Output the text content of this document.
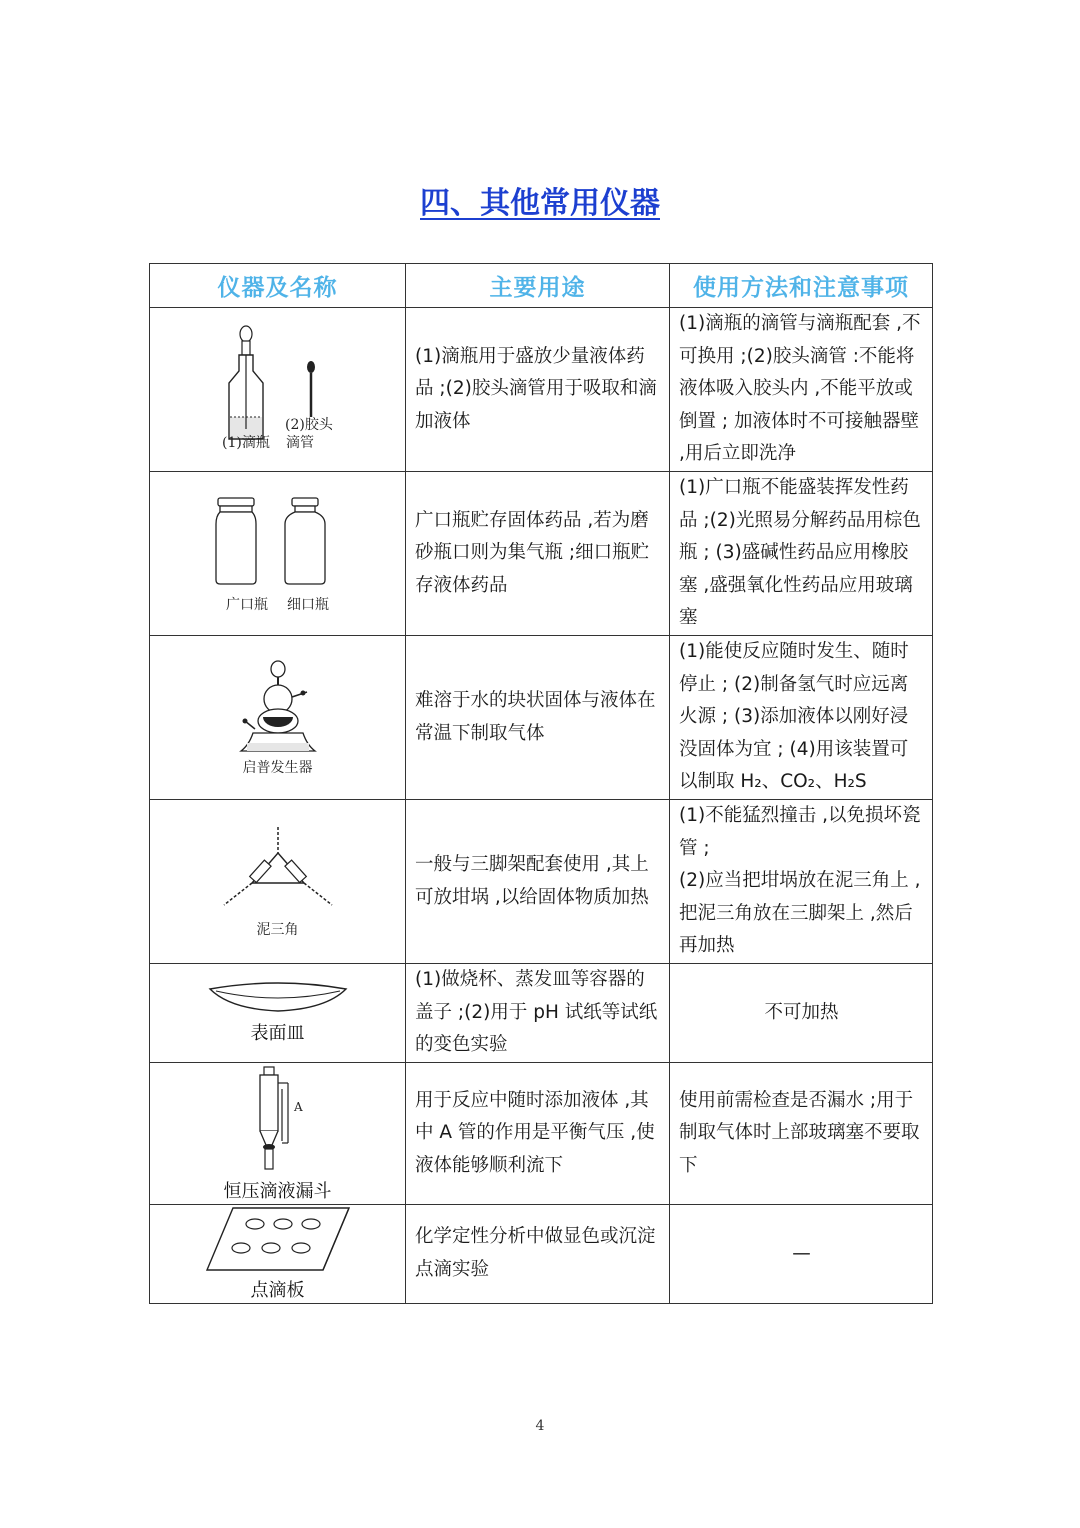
四、其他常用仪器
仪器及名称	主要用途	使用方法和注意事项

(2)胶头
(1)滴瓶 滴管	(1)滴瓶用于盛放少量液体药品 ;(2)胶头滴管用于吸取和滴加液体	(1)滴瓶的滴管与滴瓶配套 ,不可换用 ;(2)胶头滴管 :不能将液体吸入胶头内 ,不能平放或倒置 ; 加液体时不可接触器壁 ,用后立即洗净

广口瓶 细口瓶	广口瓶贮存固体药品 ,若为磨砂瓶口则为集气瓶 ;细口瓶贮存液体药品	(1)广口瓶不能盛装挥发性药品 ;(2)光照易分解药品用棕色瓶 ; (3)盛碱性药品应用橡胶塞 ,盛强氧化性药品应用玻璃塞

启普发生器	难溶于水的块状固体与液体在常温下制取气体	(1)能使反应随时发生、随时停止 ; (2)制备氢气时应远离火源 ; (3)添加液体以刚好浸没固体为宜 ; (4)用该装置可以制取 H₂、CO₂、H₂S

泥三角	一般与三脚架配套使用 ,其上可放坩埚 ,以给固体物质加热	(1)不能猛烈撞击 ,以免损坏瓷管 ;
(2)应当把坩埚放在泥三角上 ,把泥三角放在三脚架上 ,然后再加热

表面皿	(1)做烧杯、蒸发皿等容器的盖子 ;(2)用于 pH 试纸等试纸的变色实验	不可加热

A
恒压滴液漏斗	用于反应中随时添加液体 ,其中 A 管的作用是平衡气压 ,使液体能够顺利流下	使用前需检查是否漏水 ;用于制取气体时上部玻璃塞不要取下

点滴板	化学定性分析中做显色或沉淀点滴实验	—
4
